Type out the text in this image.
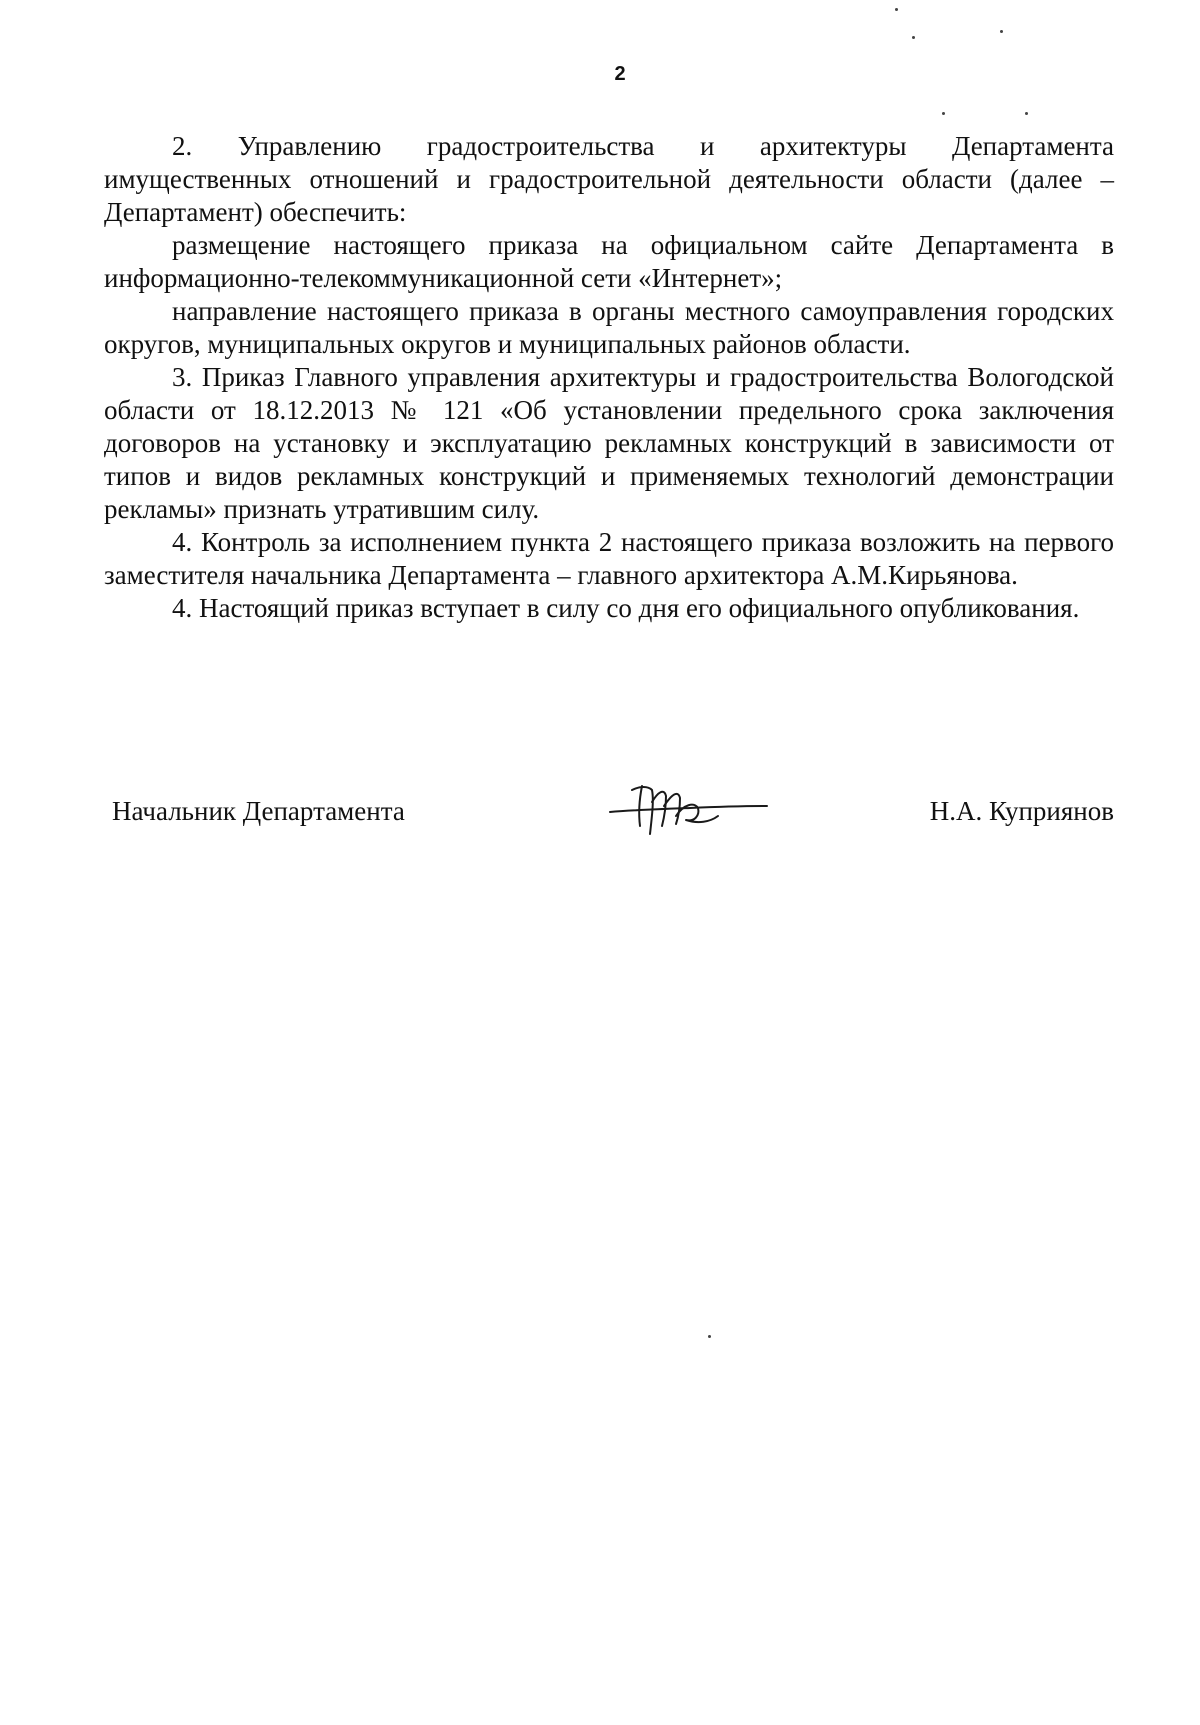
2

2. Управлению градостроительства и архитектуры Департамента имущественных отношений и градостроительной деятельности области (далее – Департамент) обеспечить:

размещение настоящего приказа на официальном сайте Департамента в информационно-телекоммуникационной сети «Интернет»;

направление настоящего приказа в органы местного самоуправления городских округов, муниципальных округов и муниципальных районов области.

3. Приказ Главного управления архитектуры и градостроительства Вологодской области от 18.12.2013 № 121 «Об установлении предельного срока заключения договоров на установку и эксплуатацию рекламных конструкций в зависимости от типов и видов рекламных конструкций и применяемых технологий демонстрации рекламы» признать утратившим силу.

4. Контроль за исполнением пункта 2 настоящего приказа возложить на первого заместителя начальника Департамента – главного архитектора А.М.Кирьянова.

4. Настоящий приказ вступает в силу со дня его официального опубликования.

Начальник Департамента	Н.А. Куприянов
